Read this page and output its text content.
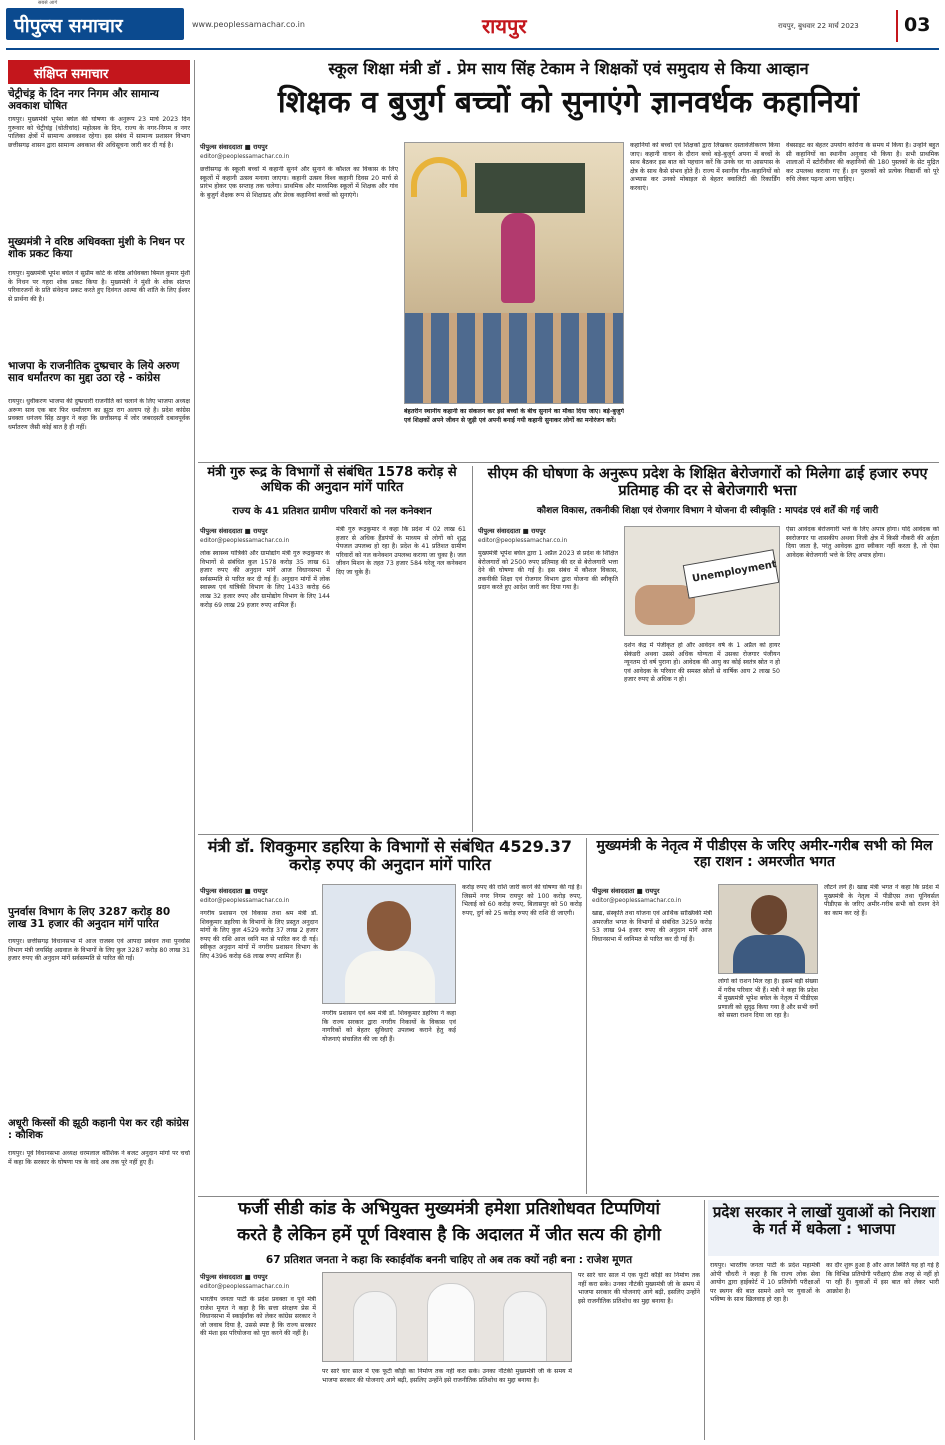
पीपुल्स समाचार
सबसे आगे
www.peoplessamachar.co.in	रायपुर	रायपुर, बुधवार 22 मार्च 2023 03
संक्षिप्त समाचार
चेट्रीचंड्र के दिन नगर निगम और सामान्य अवकाश घोषित
रायपुर। मुख्यमंत्री भूपेश बघेल की घोषणा के अनुरूप 23 मार्च 2023 दिन गुरूवार को चेट्रीचंड्र (चोतीचांद) महोत्सव के दिन, राज्य के नगर-निगम व नगर पालिका क्षेत्रों में सामान्य अवकाश रहेगा। इस संबंध में सामान्य प्रशासन विभाग छत्तीसगढ़ शासन द्वारा सामान्य अवकाश की अधिसूचना जारी कर दी गई है।
मुख्यमंत्री ने वरिष्ठ अधिवक्ता मुंशी के निधन पर शोक प्रकट किया
रायपुर। मुख्यमंत्री भूपेश बघेल ने सुप्रीम कोर्ट के वरिष्ठ अधिवक्ता बिमल कुमार मुंशी के निधन पर गहरा शोक प्रकट किया है। मुख्यमंत्री ने मुंशी के शोक संतप्त परिवारजनों के प्रति संवेदना प्रकट करते हुए दिवंगत आत्मा की शांति के लिए ईश्वर से प्रार्थना की है।
भाजपा के राजनीतिक दुष्प्रचार के लिये अरुण साव धर्मांतरण का मुद्दा उठा रहे - कांग्रेस
रायपुर। धुर्वीकरण भाजपा की दुष्प्रचारी राजनीति को चलाने के लिए भाजपा अध्यक्ष अरूण साव एक बार फिर धर्मांतरण का झूठा राग अलाप रहे है। प्रदेश कांग्रेस प्रवक्ता धनंजय सिंह ठाकुर ने कहा कि छत्तीसगढ़ में जोर जबरदस्ती दबावपूर्वक धर्मांतरण जैसी कोई बात है ही नहीं।
पुनर्वास विभाग के लिए 3287 करोड़ 80 लाख 31 हजार की अनुदान मांगें पारित
रायपुर। छत्तीसगढ़ विधानसभा में आज राजस्व एवं आपदा प्रबंधन तथा पुनर्वास विभाग मंत्री जयसिंह अग्रवाल के विभागों के लिए कुल 3287 करोड़ 80 लाख 31 हजार रुपए की अनुदान मांगें सर्वसम्मति से पारित की गईं।
अधूरी किस्सों की झूठी कहानी पेश कर रही कांग्रेस : कौशिक
रायपुर। पूर्व विधानसभा अध्यक्ष धरमलाल कौशिक ने बजट अनुदान मांगों पर चर्चा में कहा कि सरकार के घोषणा पत्र के वादे अब तक पूरे नहीं हुए हैं।
स्कूल शिक्षा मंत्री डॉ . प्रेम साय सिंह टेकाम ने शिक्षकों एवं समुदाय से किया आव्हान
शिक्षक व बुजुर्ग बच्चों को सुनाएंगे ज्ञानवर्धक कहानियां
पीपुल्स संवाददाता ■ रायपुर
editor@peoplessamachar.co.in
छत्तीसगढ़ के स्कूली बच्चों में कहानी सुनने और सुनाने के कौशल का विकास के लिए स्कूलों में कहानी उत्सव मनाया जाएगा। कहानी उत्सव विश्व कहानी दिवस 20 मार्च से प्रारंभ होकर एक सप्ताह तक चलेगा। प्राथमिक और माध्यमिक स्कूलों में शिक्षक और गांव के बुजुर्ग शैक्षक रूप से शिक्षाप्रद और प्रेरक कहानियां बच्चों को सुनाएंगे।
बेहतरीन स्थानीय कहानी का संकलन कर इसे बच्चों के बीच सुनाने का मौका दिया जाए। बड़े-बुजुर्ग एवं शिक्षकों अपने जीवन से जुड़ी एवं अपनी बनाई गयी कहानी सुनाकर लोगों का मनोरंजन करें।
कहानियों को बच्चों एवं शिक्षकों द्वारा लिखकर दस्तावेजीकरण किया जाए। कहानी वाचन के दौरान बच्चे बड़े-बुजुर्ग अपना में बच्चों के साथ बैठकर इस बात को पहचान करें कि उनके घर या आसपास के क्षेत्र के साथ कैसे संभव होते हैं। राज्य में स्थानीय गीत-कहानियों को अभ्यास कर उनको मोबाइल से बेहतर क्वालिटी की रिकार्डिंग करवाएं।
वेबसाइट का बेहतर उपयोग कोरोना के समय में किया है। उन्होंने बहुत सी कहानियों का स्थानीय अनुवाद भी किया है। सभी प्राथमिक शालाओं में स्टोरीवीवर की कहानियों की 180 पुस्तकों के सेट मुद्रित कर उपलब्ध कराया गए हैं। इन पुस्तकों को प्रत्येक विद्यार्थी को पूरे रुचि लेकर पढ़ना आना चाहिए।
मंत्री गुरु रूद्र के विभागों से संबंधित 1578 करोड़ से अधिक की अनुदान मांगें पारित
राज्य के 41 प्रतिशत ग्रामीण परिवारों को नल कनेक्शन
पीपुल्स संवाददाता ■ रायपुर
editor@peoplessamachar.co.in
लोक स्वास्थ्य यांत्रिकी और ग्रामोद्योग मंत्री गुरु रूद्रकुमार के विभागों से संबंधित कुल 1578 करोड़ 35 लाख 61 हजार रुपए की अनुदान मांगें आज विधानसभा में सर्वसम्मति से पारित कर दी गई हैं। अनुदान मांगों में लोक स्वास्थ्य एवं यांत्रिकी विभाग के लिए 1433 करोड़ 66 लाख 32 हजार रुपए और ग्रामोद्योग विभाग के लिए 144 करोड़ 69 लाख 29 हजार रुपए शामिल हैं।
मंत्री गुरु रूद्रकुमार ने कहा कि प्रदेश में 02 लाख 61 हजार से अधिक हैंडपंपों के माध्यम से लोगों को शुद्ध पेयजल उपलब्ध हो रहा है। प्रदेश के 41 प्रतिशत ग्रामीण परिवारों को नल कनेक्शन उपलब्ध कराया जा चुका है। जल जीवन मिशन के तहत 73 हजार 584 घरेलू नल कनेक्शन दिए जा चुके हैं।
सीएम की घोषणा के अनुरूप प्रदेश के शिक्षित बेरोजगारों को मिलेगा ढाई हजार रुपए प्रतिमाह की दर से बेरोजगारी भत्ता
कौशल विकास, तकनीकी शिक्षा एवं रोजगार विभाग ने योजना दी स्वीकृति : मापदंड एवं शर्तें की गई जारी
पीपुल्स संवाददाता ■ रायपुर
editor@peoplessamachar.co.in
मुख्यमंत्री भूपेश बघेल द्वारा 1 अप्रैल 2023 से प्रदेश के शिक्षित बेरोजगारों को 2500 रुपए प्रतिमाह की दर से बेरोजगारी भत्ता देने की घोषणा की गई है। इस संबंध में कौशल विकास, तकनीकी शिक्षा एवं रोजगार विभाग द्वारा योजना की स्वीकृति प्रदान करते हुए आदेश जारी कर दिया गया है।
Unemployment
दर्शन केंद्र में पंजीकृत हो और आवेदन वर्ष के 1 अप्रैल को हायर सेकंडरी अथवा उससे अधिक योग्यता में उसका रोजगार पंजीयन न्यूनतम दो वर्ष पुराना हो। आवेदक की आयु का कोई स्वतंत्र स्रोत न हो एवं आवेदक के परिवार की समस्त स्रोतों से वार्षिक आय 2 लाख 50 हजार रुपए से अधिक न हो।
ऐसा आवेदक बेरोजगारी भत्ते के लिए अपात्र होगा। यदि आवेदक को स्वरोजगार या शासकीय अथवा निजी क्षेत्र में किसी नौकरी की अर्हता दिया जाता है, परंतु आवेदक द्वारा स्वीकार नहीं करता है, तो ऐसा आवेदक बेरोजगारी भत्ते के लिए अपात्र होगा।
मंत्री डॉ. शिवकुमार डहरिया के विभागों से संबंधित 4529.37 करोड़ रुपए की अनुदान मांगें पारित
पीपुल्स संवाददाता ■ रायपुर
editor@peoplessamachar.co.in
नगरीय प्रशासन एवं विकास तथा श्रम मंत्री डॉ. शिवकुमार डहरिया के विभागों के लिए प्रस्तुत अनुदान मांगों के लिए कुल 4529 करोड़ 37 लाख 2 हजार रुपए की राशि आज ध्वनि मत से पारित कर दी गई। स्वीकृत अनुदान मांगों में नगरीय प्रशासन विभाग के लिए 4396 करोड़ 68 लाख रुपए शामिल हैं।
नगरीय प्रशासन एवं श्रम मंत्री डॉ. शिवकुमार डहरिया ने कहा कि राज्य सरकार द्वारा नगरीय निकायों के विकास एवं नागरिकों को बेहतर सुविधाएं उपलब्ध कराने हेतु कई योजनाएं संचालित की जा रही हैं।
करोड़ रुपए की राशि जारी करने की घोषणा की गई है। जिसमें नगर निगम रायपुर को 100 करोड़ रुपए, भिलाई को 60 करोड़ रुपए, बिलासपुर को 50 करोड़ रुपए, दुर्ग को 25 करोड़ रुपए की राशि दी जाएगी।
मुख्यमंत्री के नेतृत्व में पीडीएस के जरिए अमीर-गरीब सभी को मिल रहा राशन : अमरजीत भगत
पीपुल्स संवाददाता ■ रायपुर
editor@peoplessamachar.co.in
खाद्य, संस्कृति तथा योजना एवं आर्थिक सांख्यिकी मंत्री अमरजीत भगत के विभागों से संबंधित 3259 करोड़ 53 लाख 94 हजार रुपए की अनुदान मांगें आज विधानसभा में ध्वनिमत से पारित कर दी गई हैं।
लोगों को राशन मिल रहा है। इसमें बड़ी संख्या में गरीब परिवार भी हैं। मंत्री ने कहा कि प्रदेश में मुख्यमंत्री भूपेश बघेल के नेतृत्व में पीडीएस प्रणाली को सुदृढ़ किया गया है और सभी वर्गों को सस्ता राशन दिया जा रहा है।
लौटने लगे हैं। खाद्य मंत्री भगत ने कहा कि प्रदेश में मुख्यमंत्री के नेतृत्व में पीडीएस तथा यूनिवर्सल पीडीएस के जरिए अमीर-गरीब सभी को राशन देने का काम कर रहे हैं।
फर्जी सीडी कांड के अभियुक्त मुख्यमंत्री हमेशा प्रतिशोधवत टिप्पणियां
करते है लेकिन हमें पूर्ण विश्वास है कि अदालत में जीत सत्य की होगी
67 प्रतिशत जनता ने कहा कि स्काईवॉक बननी चाहिए तो अब तक क्यों नही बना : राजेश मूणत
पीपुल्स संवाददाता ■ रायपुर
editor@peoplessamachar.co.in
भारतीय जनता पार्टी के प्रदेश प्रवक्ता व पूर्व मंत्री राजेश मूणत ने कहा है कि सत्ता संरक्षण प्रेस में विधानसभा में स्काईवॉक को लेकर कांग्रेस सरकार ने जो जवाब दिया है, उससे स्पष्ट है कि राज्य सरकार की मंशा इस परियोजना को पूरा करने की नहीं है।
पर सारे चार साल में एक फूटी कौड़ी का निर्माण तक नहीं करा सके। उनका नौटंकी मुख्यमंत्री जी के समय में भाजपा सरकार की योजनाएं आगे बढ़ी, इसलिए उन्होंने इसे राजनीतिक प्रतिशोध का मुद्दा बनाया है।
पर सारे चार साल में एक फूटी कौड़ी का निर्माण तक नहीं करा सके। उनका नौटंकी मुख्यमंत्री जी के समय में भाजपा सरकार की योजनाएं आगे बढ़ी, इसलिए उन्होंने इसे राजनीतिक प्रतिशोध का मुद्दा बनाया है।
प्रदेश सरकार ने लाखों युवाओं को निराशा के गर्त में धकेला : भाजपा
रायपुर। भारतीय जनता पार्टी के प्रदेश महामंत्री ओपी चौधरी ने कहा है कि राज्य लोक सेवा आयोग द्वारा हाईकोर्ट में 10 प्रतियोगी परीक्षाओं पर स्थगन की बात सामने आने पर युवाओं के भविष्य के साथ खिलवाड़ हो रहा है।
का दौर शुरू हुआ है और आज स्थिति यह हो गई है कि विभिन्न प्रतियोगी परीक्षाएं ठीक तरह से नहीं हो पा रही हैं। युवाओं में इस बात को लेकर भारी आक्रोश है।
